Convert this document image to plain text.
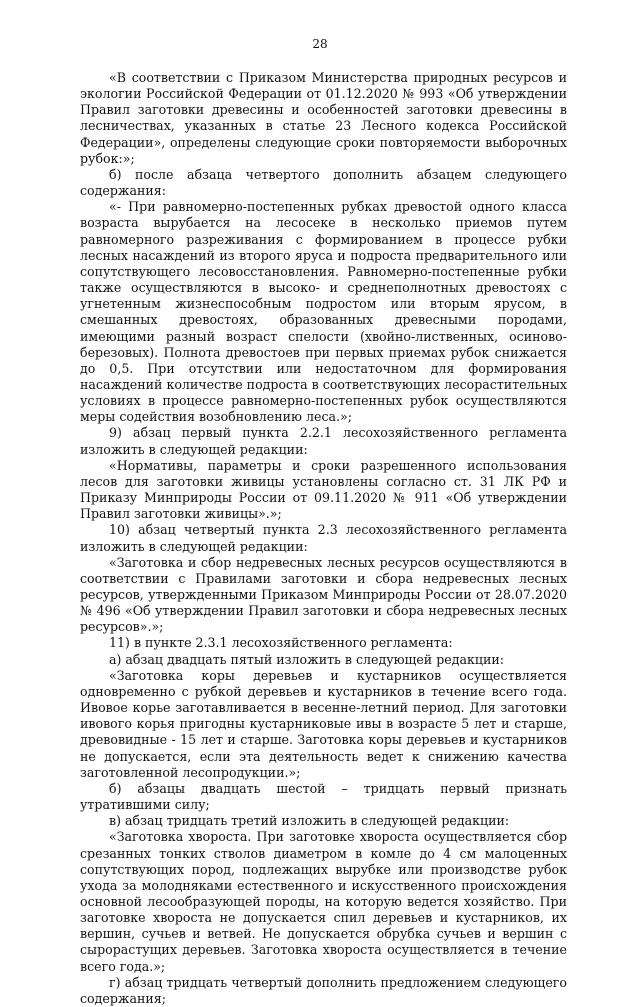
28

«В соответствии с Приказом Министерства природных ресурсов и экологии Российской Федерации от 01.12.2020 № 993 «Об утверждении Правил заготовки древесины и особенностей заготовки древесины в лесничествах, указанных в статье 23 Лесного кодекса Российской Федерации», определены следующие сроки повторяемости выборочных рубок:»;

б) после абзаца четвертого дополнить абзацем следующего содержания:

«- При равномерно-постепенных рубках древостой одного класса возраста вырубается на лесосеке в несколько приемов путем равномерного разреживания с формированием в процессе рубки лесных насаждений из второго яруса и подроста предварительного или сопутствующего лесовосстановления. Равномерно-постепенные рубки также осуществляются в высоко- и среднеполнотных древостоях с угнетенным жизнеспособным подростом или вторым ярусом, в смешанных древостоях, образованных древесными породами, имеющими разный возраст спелости (хвойно-лиственных, осиново-березовых). Полнота древостоев при первых приемах рубок снижается до 0,5. При отсутствии или недостаточном для формирования насаждений количестве подроста в соответствующих лесорастительных условиях в процессе равномерно-постепенных рубок осуществляются меры содействия возобновлению леса.»;

9) абзац первый пункта 2.2.1 лесохозяйственного регламента изложить в следующей редакции:

«Нормативы, параметры и сроки разрешенного использования лесов для заготовки живицы установлены согласно ст. 31 ЛК РФ и Приказу Минприроды России от 09.11.2020 № 911 «Об утверждении Правил заготовки живицы».»;

10) абзац четвертый пункта 2.3 лесохозяйственного регламента изложить в следующей редакции:

«Заготовка и сбор недревесных лесных ресурсов осуществляются в соответствии с Правилами заготовки и сбора недревесных лесных ресурсов, утвержденными Приказом Минприроды России от 28.07.2020 № 496 «Об утверждении Правил заготовки и сбора недревесных лесных ресурсов».»;

11) в пункте 2.3.1 лесохозяйственного регламента:

а) абзац двадцать пятый изложить в следующей редакции:

«Заготовка коры деревьев и кустарников осуществляется одновременно с рубкой деревьев и кустарников в течение всего года. Ивовое корье заготавливается в весенне-летний период. Для заготовки ивового корья пригодны кустарниковые ивы в возрасте 5 лет и старше, древовидные - 15 лет и старше. Заготовка коры деревьев и кустарников не допускается, если эта деятельность ведет к снижению качества заготовленной лесопродукции.»;

б) абзацы двадцать шестой – тридцать первый признать утратившими силу;

в) абзац тридцать третий изложить в следующей редакции:

«Заготовка хвороста. При заготовке хвороста осуществляется сбор срезанных тонких стволов диаметром в комле до 4 см малоценных сопутствующих пород, подлежащих вырубке или производстве рубок ухода за молодняками естественного и искусственного происхождения основной лесообразующей породы, на которую ведется хозяйство. При заготовке хвороста не допускается спил деревьев и кустарников, их вершин, сучьев и ветвей. Не допускается обрубка сучьев и вершин с сырорастущих деревьев. Заготовка хвороста осуществляется в течение всего года.»;

г) абзац тридцать четвертый дополнить предложением следующего содержания;
